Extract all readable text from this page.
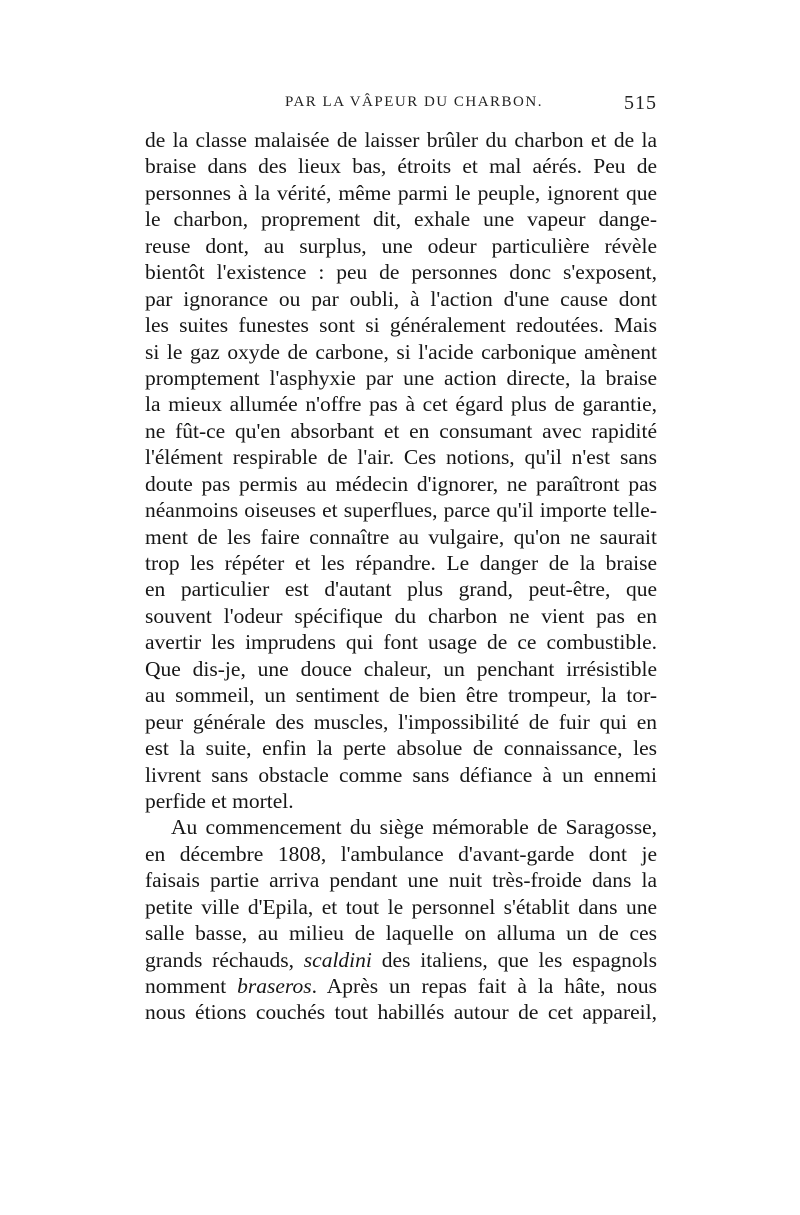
PAR LA VÂPEUR DU CHARBON.	515
de la classe malaisée de laisser brûler du charbon et de la
braise dans des lieux bas, étroits et mal aérés. Peu de
personnes à la vérité, même parmi le peuple, ignorent que
le charbon, proprement dit, exhale une vapeur dange-
reuse dont, au surplus, une odeur particulière révèle
bientôt l'existence : peu de personnes donc s'exposent,
par ignorance ou par oubli, à l'action d'une cause dont
les suites funestes sont si généralement redoutées. Mais
si le gaz oxyde de carbone, si l'acide carbonique amènent
promptement l'asphyxie par une action directe, la braise
la mieux allumée n'offre pas à cet égard plus de garantie,
ne fût-ce qu'en absorbant et en consumant avec rapidité
l'élément respirable de l'air. Ces notions, qu'il n'est sans
doute pas permis au médecin d'ignorer, ne paraîtront pas
néanmoins oiseuses et superflues, parce qu'il importe telle-
ment de les faire connaître au vulgaire, qu'on ne saurait
trop les répéter et les répandre. Le danger de la braise
en particulier est d'autant plus grand, peut-être, que
souvent l'odeur spécifique du charbon ne vient pas en
avertir les imprudens qui font usage de ce combustible.
Que dis-je, une douce chaleur, un penchant irrésistible
au sommeil, un sentiment de bien être trompeur, la tor-
peur générale des muscles, l'impossibilité de fuir qui en
est la suite, enfin la perte absolue de connaissance, les
livrent sans obstacle comme sans défiance à un ennemi
perfide et mortel.
Au commencement du siège mémorable de Saragosse,
en décembre 1808, l'ambulance d'avant-garde dont je
faisais partie arriva pendant une nuit très-froide dans la
petite ville d'Epila, et tout le personnel s'établit dans une
salle basse, au milieu de laquelle on alluma un de ces
grands réchauds, scaldini des italiens, que les espagnols
nomment braseros. Après un repas fait à la hâte, nous
nous étions couchés tout habillés autour de cet appareil,
